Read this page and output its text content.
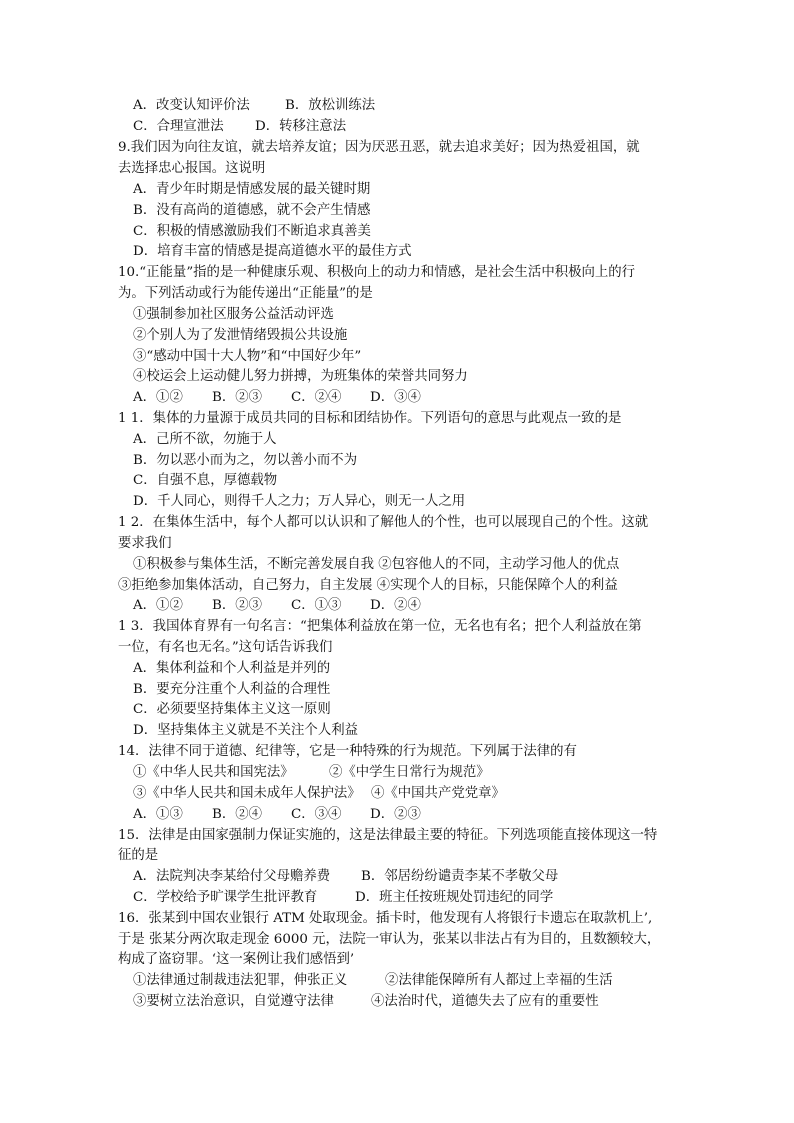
A．改变认知评价法	B．放松训练法
C．合理宣泄法 D．转移注意法
9.我们因为向往友谊，就去培养友谊；因为厌恶丑恶，就去追求美好；因为热爱祖国，就
去选择忠心报国。这说明
A．青少年时期是情感发展的最关键时期
B．没有高尚的道德感，就不会产生情感
C．积极的情感激励我们不断追求真善美
D．培育丰富的情感是提高道德水平的最佳方式
10.“正能量”指的是一种健康乐观、积极向上的动力和情感，是社会生活中积极向上的行
为。下列活动或行为能传递出“正能量”的是
①强制参加社区服务公益活动评选
②个别人为了发泄情绪毁损公共设施
③“感动中国十大人物”和“中国好少年”
④校运会上运动健儿努力拼搏，为班集体的荣誉共同努力
A．①② B．②③ C．②④ D．③④
1 1．集体的力量源于成员共同的目标和团结协作。下列语句的意思与此观点一致的是
A．己所不欲，勿施于人
B．勿以恶小而为之，勿以善小而不为
C．自强不息，厚德载物
D．千人同心，则得千人之力；万人异心，则无一人之用
1 2．在集体生活中，每个人都可以认识和了解他人的个性，也可以展现自己的个性。这就
要求我们
①积极参与集体生活，不断完善发展自我 ②包容他人的不同，主动学习他人的优点
③拒绝参加集体活动，自己努力，自主发展 ④实现个人的目标，只能保障个人的利益
A．①② B．②③ C．①③ D．②④
1 3．我国体育界有一句名言：“把集体利益放在第一位，无名也有名；把个人利益放在第
一位，有名也无名。”这句话告诉我们
A．集体利益和个人利益是并列的
B．要充分注重个人利益的合理性
C．必须要坚持集体主义这一原则
D．坚持集体主义就是不关注个人利益
14．法律不同于道德、纪律等，它是一种特殊的行为规范。下列属于法律的有
①《中华人民共和国宪法》	②《中学生日常行为规范》
③《中华人民共和国未成年人保护法》 ④《中国共产党党章》
A．①③ B．②④ C．③④ D．②③
15．法律是由国家强制力保证实施的，这是法律最主要的特征。下列选项能直接体现这一特
征的是
A．法院判决李某给付父母赡养费 B．邻居纷纷谴责李某不孝敬父母
C．学校给予旷课学生批评教育	D．班主任按班规处罚违纪的同学
16．张某到中国农业银行 ATM 处取现金。插卡时，他发现有人将银行卡遗忘在取款机上’,
于是 张某分两次取走现金 6000 元，法院一审认为，张某以非法占有为目的，且数额较大，
构成了盗窃罪。‘这一案例让我们感悟到’
①法律通过制裁违法犯罪，伸张正义	②法律能保障所有人都过上幸福的生活
③要树立法治意识，自觉遵守法律	④法治时代，道德失去了应有的重要性
